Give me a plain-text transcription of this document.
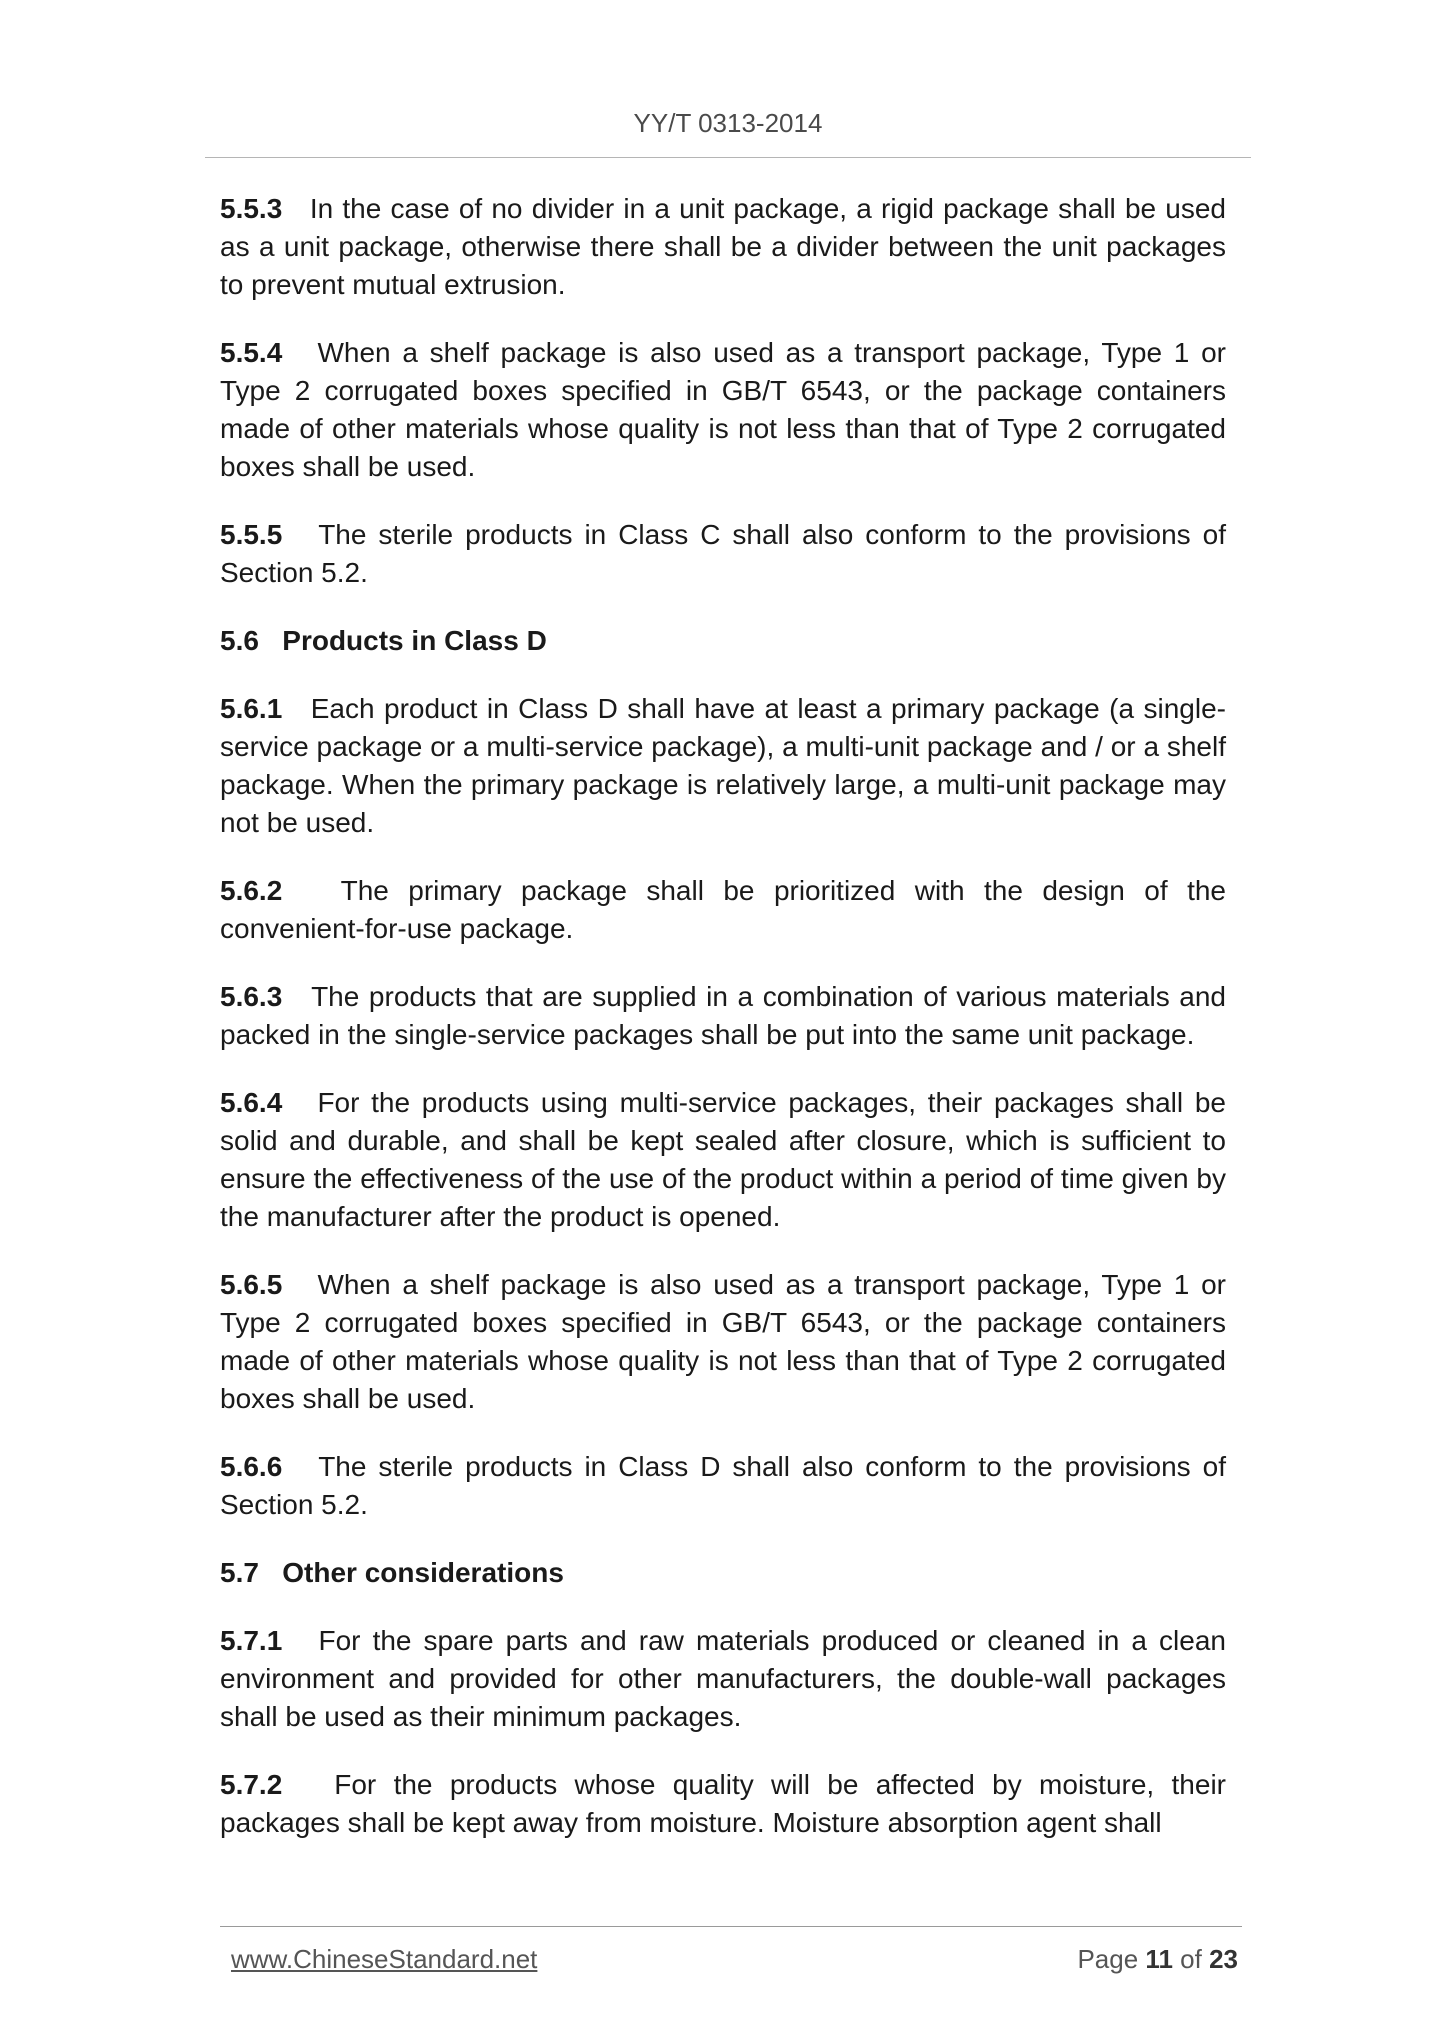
YY/T 0313-2014

5.5.3 In the case of no divider in a unit package, a rigid package shall be used as a unit package, otherwise there shall be a divider between the unit packages to prevent mutual extrusion.

5.5.4 When a shelf package is also used as a transport package, Type 1 or Type 2 corrugated boxes specified in GB/T 6543, or the package containers made of other materials whose quality is not less than that of Type 2 corrugated boxes shall be used.

5.5.5 The sterile products in Class C shall also conform to the provisions of Section 5.2.

5.6 Products in Class D

5.6.1 Each product in Class D shall have at least a primary package (a single-service package or a multi-service package), a multi-unit package and / or a shelf package. When the primary package is relatively large, a multi-unit package may not be used.

5.6.2 The primary package shall be prioritized with the design of the convenient-for-use package.

5.6.3 The products that are supplied in a combination of various materials and packed in the single-service packages shall be put into the same unit package.

5.6.4 For the products using multi-service packages, their packages shall be solid and durable, and shall be kept sealed after closure, which is sufficient to ensure the effectiveness of the use of the product within a period of time given by the manufacturer after the product is opened.

5.6.5 When a shelf package is also used as a transport package, Type 1 or Type 2 corrugated boxes specified in GB/T 6543, or the package containers made of other materials whose quality is not less than that of Type 2 corrugated boxes shall be used.

5.6.6 The sterile products in Class D shall also conform to the provisions of Section 5.2.

5.7 Other considerations

5.7.1 For the spare parts and raw materials produced or cleaned in a clean environment and provided for other manufacturers, the double-wall packages shall be used as their minimum packages.

5.7.2 For the products whose quality will be affected by moisture, their packages shall be kept away from moisture. Moisture absorption agent shall

www.ChineseStandard.net	Page 11 of 23
